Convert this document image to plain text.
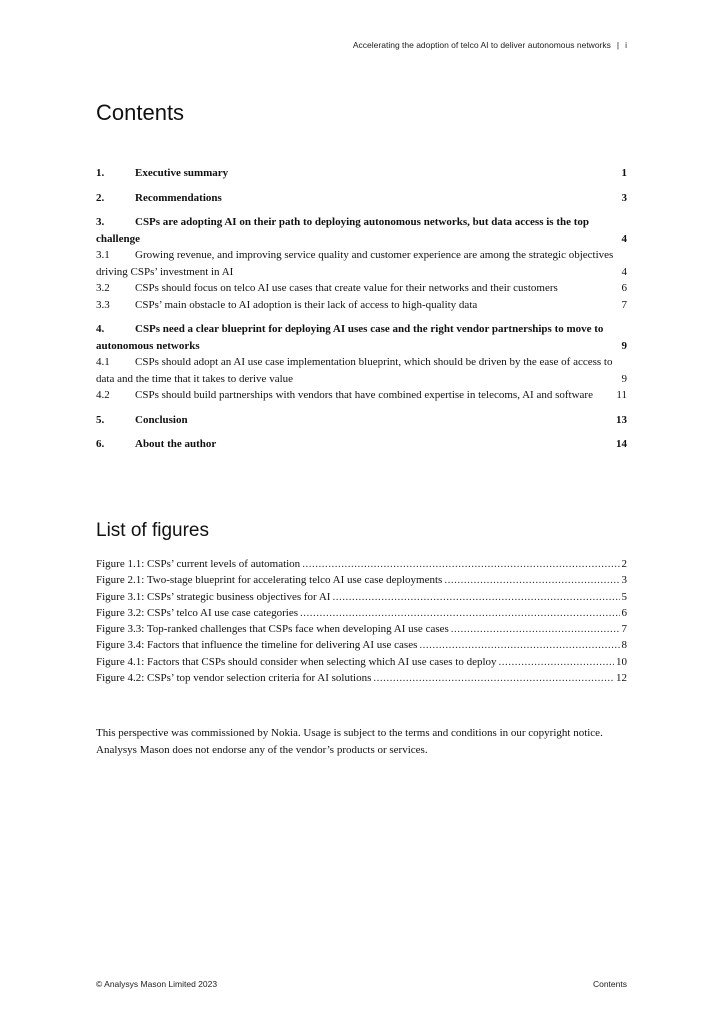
Accelerating the adoption of telco AI to deliver autonomous networks | i
Contents
1.	Executive summary	1
2.	Recommendations	3
3.	CSPs are adopting AI on their path to deploying autonomous networks, but data access is the top challenge	4
3.1 Growing revenue, and improving service quality and customer experience are among the strategic objectives driving CSPs’ investment in AI	4
3.2	CSPs should focus on telco AI use cases that create value for their networks and their customers	6
3.3	CSPs’ main obstacle to AI adoption is their lack of access to high-quality data	7
4.	CSPs need a clear blueprint for deploying AI uses case and the right vendor partnerships to move to autonomous networks	9
4.1 CSPs should adopt an AI use case implementation blueprint, which should be driven by the ease of access to data and the time that it takes to derive value	9
4.2 CSPs should build partnerships with vendors that have combined expertise in telecoms, AI and software	11
5.	Conclusion	13
6.	About the author	14
List of figures
Figure 1.1: CSPs’ current levels of automation .....	2
Figure 2.1: Two-stage blueprint for accelerating telco AI use case deployments .....	3
Figure 3.1: CSPs’ strategic business objectives for AI .....	5
Figure 3.2: CSPs’ telco AI use case categories .....	6
Figure 3.3: Top-ranked challenges that CSPs face when developing AI use cases .....	7
Figure 3.4: Factors that influence the timeline for delivering AI use cases .....	8
Figure 4.1: Factors that CSPs should consider when selecting which AI use cases to deploy .....	10
Figure 4.2: CSPs’ top vendor selection criteria for AI solutions .....	12

This perspective was commissioned by Nokia. Usage is subject to the terms and conditions in our copyright notice. Analysys Mason does not endorse any of the vendor’s products or services.

© Analysys Mason Limited 2023	Contents
